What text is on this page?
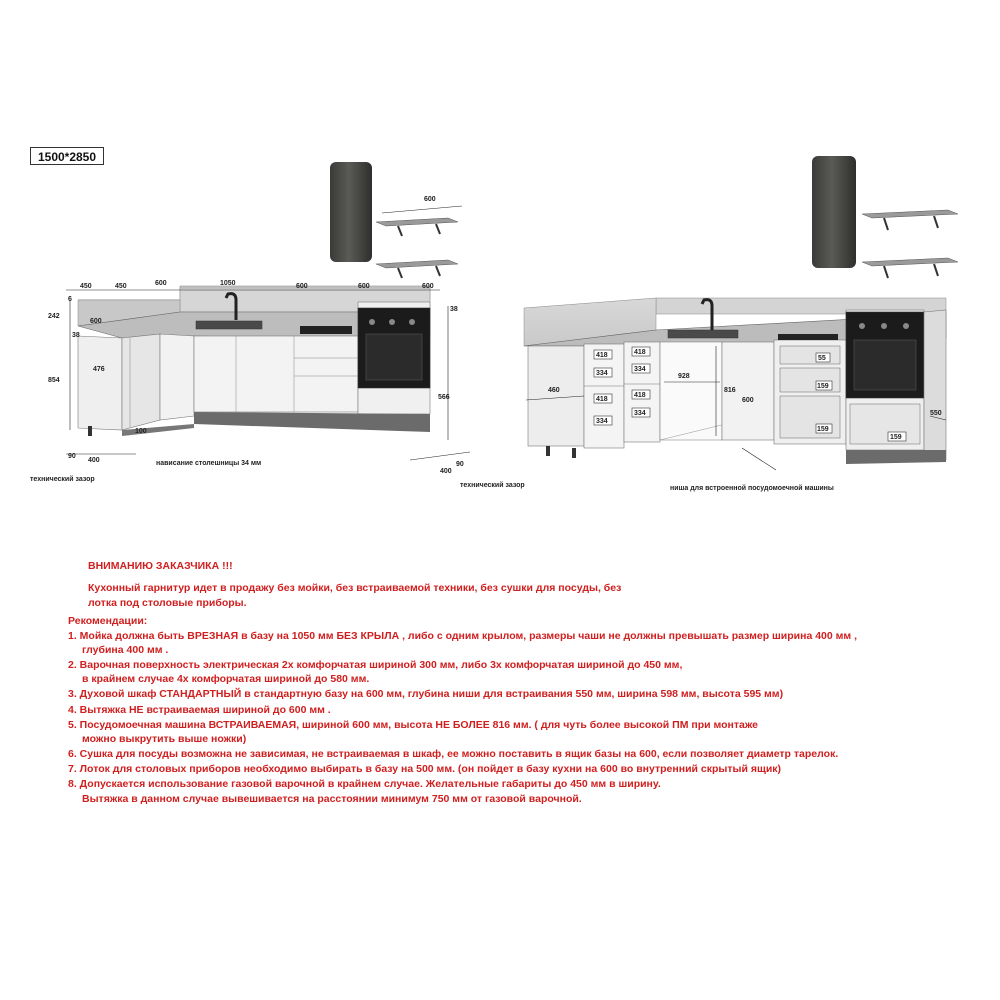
1500*2850
450	450	600	1050	600	600	600
600
6
242
600
38
854
476
100
90
400
400
90
38
566
технический зазор
нависание столешницы 34 мм
технический зазор
418
334
418
334
418
334
418
334
928
816
600
460
55
159
159
159
550
ниша для встроенной посудомоечной машины
ВНИМАНИЮ ЗАКАЗЧИКА !!!
Кухонный гарнитур идет в продажу без мойки, без встраиваемой техники, без сушки для посуды, без
лотка под столовые приборы.
Рекомендации:
1. Мойка должна быть ВРЕЗНАЯ в базу на 1050 мм БЕЗ КРЫЛА , либо с одним крылом, размеры чаши не должны превышать размер ширина 400 мм ,
глубина 400 мм .
2. Варочная поверхность электрическая 2х комфорчатая шириной 300 мм, либо 3х комфорчатая шириной до 450 мм,
в крайнем случае 4х комфорчатая шириной до 580 мм.
3. Духовой шкаф СТАНДАРТНЫЙ в стандартную базу на 600 мм, глубина ниши для встраивания 550 мм, ширина 598 мм, высота 595 мм)
4. Вытяжка НЕ встраиваемая шириной до 600 мм .
5. Посудомоечная машина ВСТРАИВАЕМАЯ, шириной 600 мм, высота НЕ БОЛЕЕ 816 мм. ( для чуть более высокой ПМ при монтаже
можно выкрутить выше ножки)
6. Сушка для посуды возможна не зависимая, не встраиваемая в шкаф, ее можно поставить в ящик базы на 600, если позволяет диаметр тарелок.
7. Лоток для столовых приборов необходимо выбирать в базу на 500 мм. (он пойдет в базу кухни на 600 во внутренний скрытый ящик)
8. Допускается использование газовой варочной в крайнем случае. Желательные габариты до 450 мм в ширину.
Вытяжка в данном случае вывешивается на расстоянии минимум 750 мм от газовой варочной.
